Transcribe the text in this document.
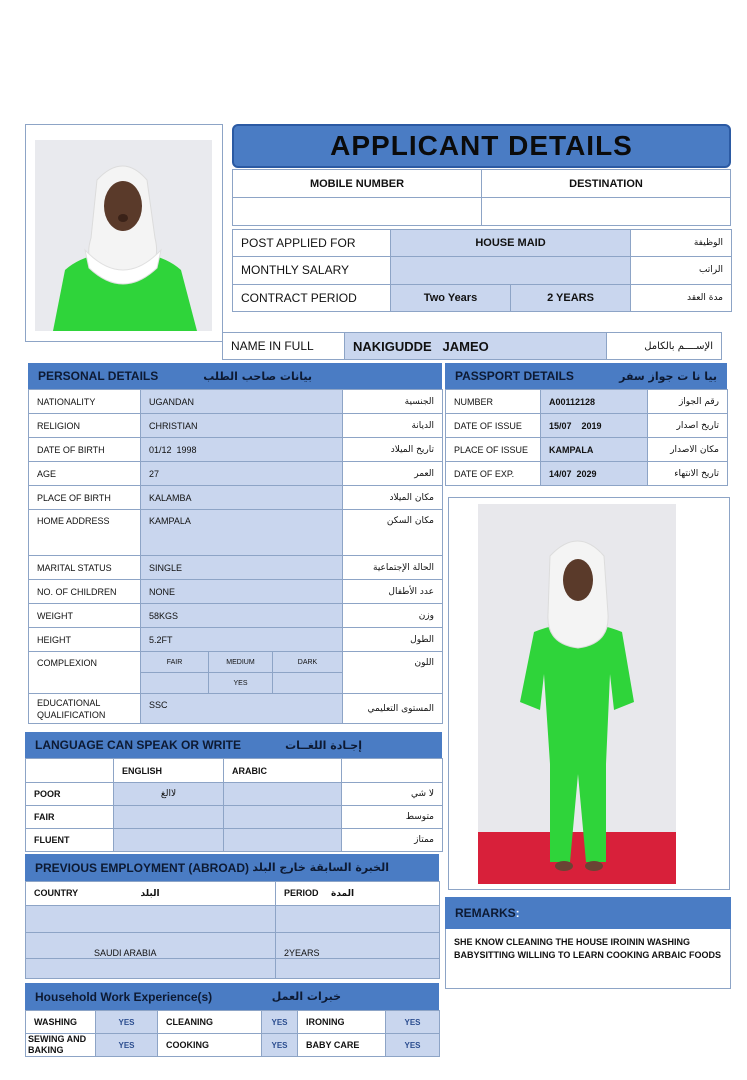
APPLICANT DETAILS
MOBILE NUMBER	DESTINATION

POST APPLIED FOR	HOUSE MAID		الوظيفة
MONTHLY SALARY			الراتب
CONTRACT PERIOD	Two Years	2 YEARS	مدة العقد
NAME IN FULL	NAKIGUDDE   JAMEO	الإســــم بالكامل
PERSONAL DETAILS	بيانات صاحب الطلب
NATIONALITY	UGANDAN			الجنسية
RELIGION	CHRISTIAN			الديانة
DATE OF BIRTH	01/12  1998			تاريخ الميلاد
AGE	27			العمر
PLACE OF BIRTH	KALAMBA			مكان الميلاد
HOME ADDRESS	KAMPALA			مكان السكن
MARITAL STATUS	SINGLE			الحالة الإجتماعية
NO. OF CHILDREN	NONE			عدد الأطفال
WEIGHT	58KGS			وزن
HEIGHT	5.2FT			الطول
COMPLEXION	FAIR	MEDIUM	DARK	اللون
		YES		
EDUCATIONAL QUALIFICATION	SSC			المستوى التعليمي
PASSPORT DETAILS	بيا نا ت جواز سفر
NUMBER	A00112128	رقم الجواز
DATE OF ISSUE	15/07    2019	تاريخ اصدار
PLACE OF ISSUE	KAMPALA	مكان الاصدار
DATE OF EXP.	14/07  2029	تاريخ الانتهاء
LANGUAGE CAN SPEAK OR WRITE	إجـادة اللغــات
	ENGLISH	ARABIC	
POOR	لاالغ		لا شي
FAIR			متوسط
FLUENT			ممتاز
PREVIOUS EMPLOYMENT (ABROAD) الخبرة السابقة خارج البلد
COUNTRY البلد	PERIOD المدة

SAUDI ARABIA	2YEARS

Household Work Experience(s)	خبرات العمل
WASHING	YES	CLEANING	YES	IRONING	YES
SEWING AND BAKING	YES	COOKING	YES	BABY CARE	YES
REMARKS :

SHE KNOW CLEANING THE HOUSE IROININ WASHING BABYSITTING WILLING TO LEARN COOKING ARBAIC FOODS
